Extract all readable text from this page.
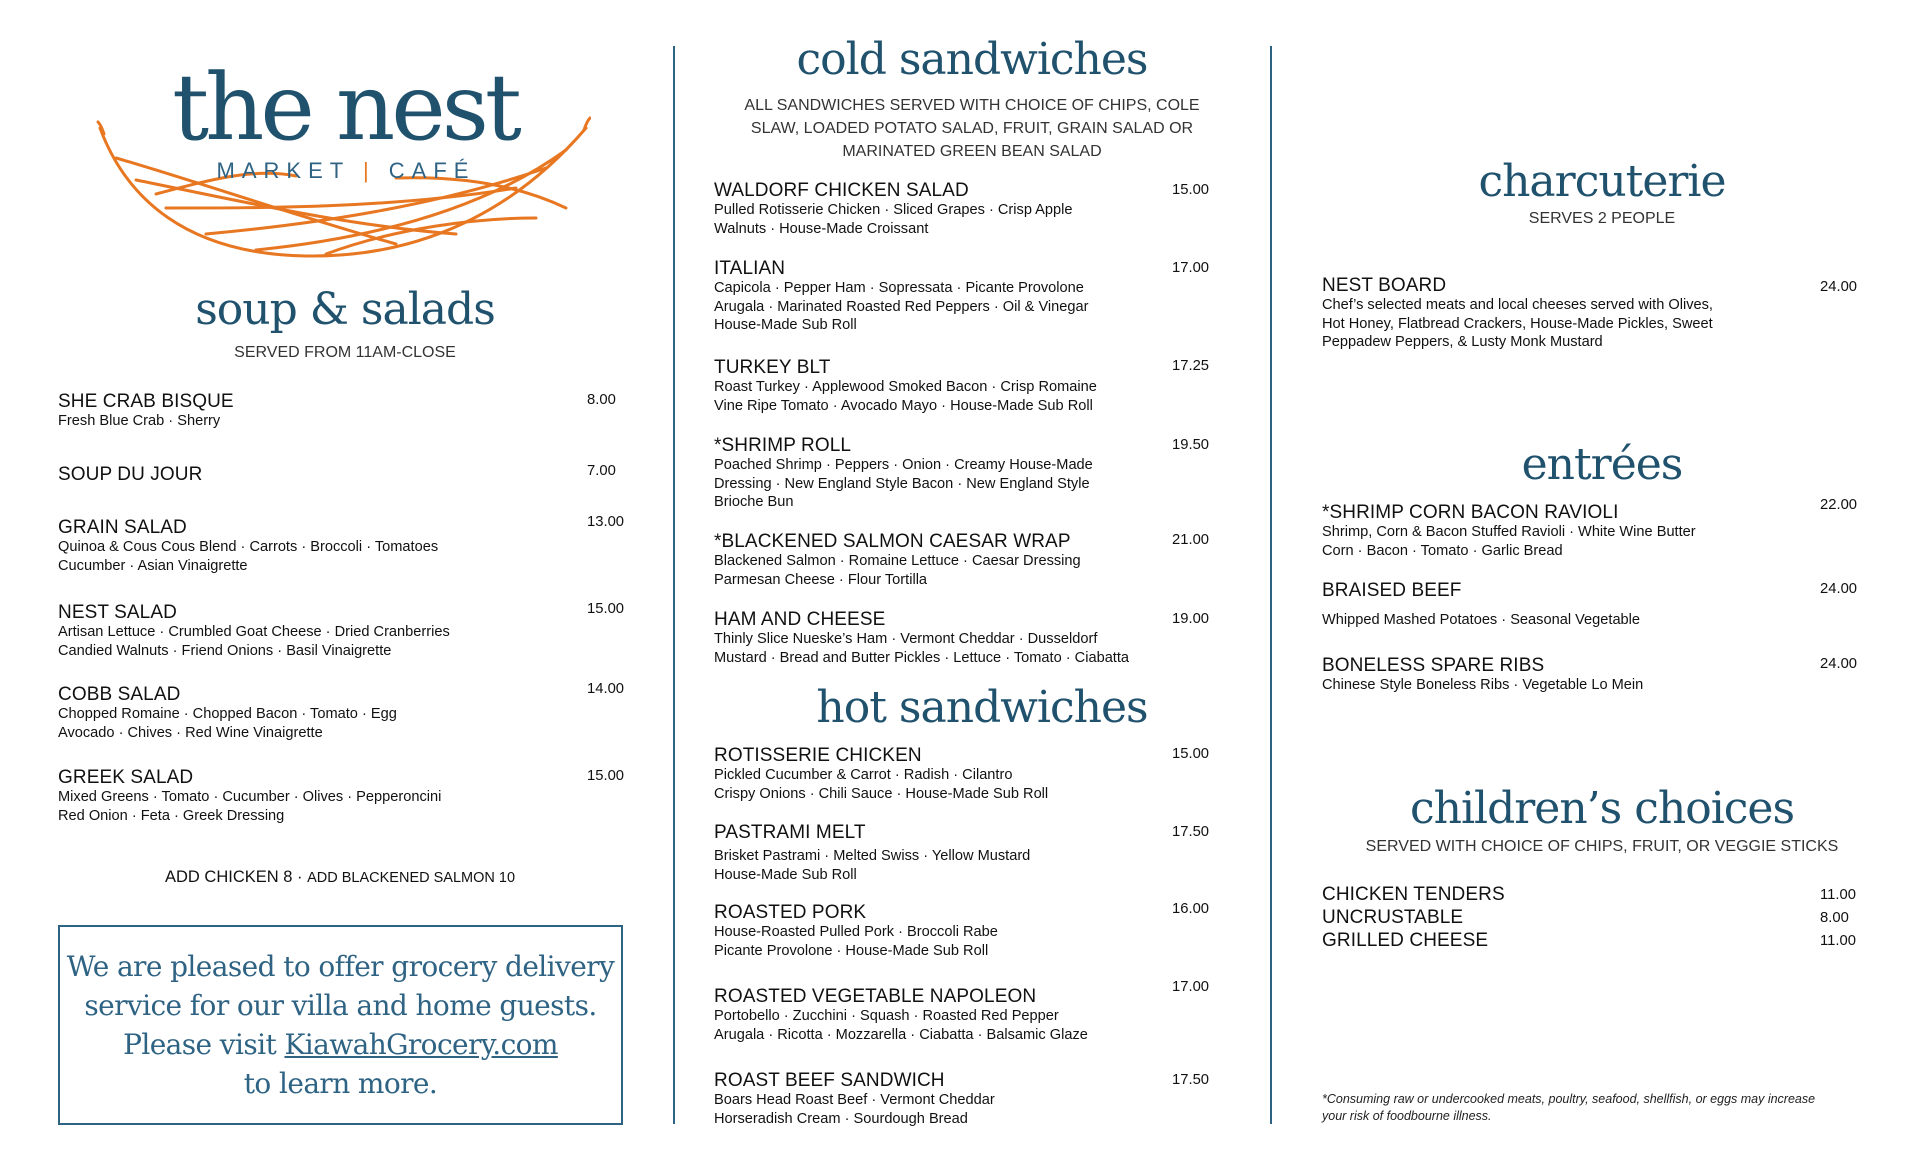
the nest
MARKET | CAFÉ
soup & salads
SERVED FROM 11AM-CLOSE
SHE CRAB BISQUE
Fresh Blue Crab · Sherry
8.00
SOUP DU JOUR	7.00
GRAIN SALAD
Quinoa & Cous Cous Blend · Carrots · Broccoli · Tomatoes
Cucumber · Asian Vinaigrette
13.00
NEST SALAD
Artisan Lettuce · Crumbled Goat Cheese · Dried Cranberries
Candied Walnuts · Friend Onions · Basil Vinaigrette
15.00
COBB SALAD
Chopped Romaine · Chopped Bacon · Tomato · Egg
Avocado · Chives · Red Wine Vinaigrette
14.00
GREEK SALAD
Mixed Greens · Tomato · Cucumber · Olives · Pepperoncini
Red Onion · Feta · Greek Dressing
15.00
ADD CHICKEN 8 · ADD BLACKENED SALMON 10
We are pleased to offer grocery delivery
service for our villa and home guests.
Please visit KiawahGrocery.com
to learn more.
cold sandwiches
ALL SANDWICHES SERVED WITH CHOICE OF CHIPS, COLE
SLAW, LOADED POTATO SALAD, FRUIT, GRAIN SALAD OR
MARINATED GREEN BEAN SALAD
WALDORF CHICKEN SALAD
Pulled Rotisserie Chicken · Sliced Grapes · Crisp Apple
Walnuts · House-Made Croissant
15.00
ITALIAN
Capicola · Pepper Ham · Sopressata · Picante Provolone
Arugala · Marinated Roasted Red Peppers · Oil & Vinegar
House-Made Sub Roll
17.00
TURKEY BLT
Roast Turkey · Applewood Smoked Bacon · Crisp Romaine
Vine Ripe Tomato · Avocado Mayo · House-Made Sub Roll
17.25
*SHRIMP ROLL
Poached Shrimp · Peppers · Onion · Creamy House-Made
Dressing · New England Style Bacon · New England Style
Brioche Bun
19.50
*BLACKENED SALMON CAESAR WRAP
Blackened Salmon · Romaine Lettuce · Caesar Dressing
Parmesan Cheese · Flour Tortilla
21.00
HAM AND CHEESE
Thinly Slice Nueske’s Ham · Vermont Cheddar · Dusseldorf
Mustard · Bread and Butter Pickles · Lettuce · Tomato · Ciabatta
19.00
hot sandwiches
ROTISSERIE CHICKEN
Pickled Cucumber & Carrot · Radish · Cilantro
Crispy Onions · Chili Sauce · House-Made Sub Roll
15.00
PASTRAMI MELT
Brisket Pastrami · Melted Swiss · Yellow Mustard
House-Made Sub Roll
17.50
ROASTED PORK
House-Roasted Pulled Pork · Broccoli Rabe
Picante Provolone · House-Made Sub Roll
16.00
ROASTED VEGETABLE NAPOLEON
Portobello · Zucchini · Squash · Roasted Red Pepper
Arugala · Ricotta · Mozzarella · Ciabatta · Balsamic Glaze
17.00
ROAST BEEF SANDWICH
Boars Head Roast Beef · Vermont Cheddar
Horseradish Cream · Sourdough Bread
17.50
charcuterie
SERVES 2 PEOPLE
NEST BOARD
Chef’s selected meats and local cheeses served with Olives,
Hot Honey, Flatbread Crackers, House-Made Pickles, Sweet
Peppadew Peppers, & Lusty Monk Mustard
24.00
entrées
*SHRIMP CORN BACON RAVIOLI
Shrimp, Corn & Bacon Stuffed Ravioli · White Wine Butter
Corn · Bacon · Tomato · Garlic Bread
22.00
BRAISED BEEF
Whipped Mashed Potatoes · Seasonal Vegetable
24.00
BONELESS SPARE RIBS
Chinese Style Boneless Ribs · Vegetable Lo Mein
24.00
children’s choices
SERVED WITH CHOICE OF CHIPS, FRUIT, OR VEGGIE STICKS
CHICKEN TENDERS	11.00
UNCRUSTABLE	8.00
GRILLED CHEESE	11.00
*Consuming raw or undercooked meats, poultry, seafood, shellfish, or eggs may increase
your risk of foodbourne illness.
